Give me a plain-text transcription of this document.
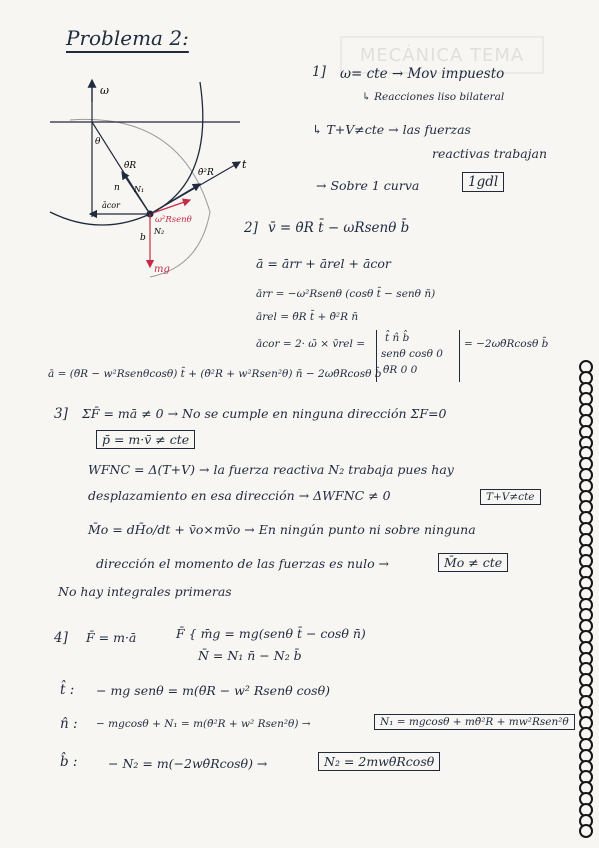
MECÁNICA TEMA
Problema 2:
ω
θ
t
θ̇²R
θ̇R
n N₁
ācor
ω²Rsenθ
N₂
b
mg
1] ω= cte → Mov impuesto
↳ Reacciones liso bilateral
↳ T+V≠cte → las fuerzas
reactivas trabajan
→ Sobre 1 curva	1gdl
2] v̄ = θ̇R t̄ − ωRsenθ b̄
ā = ārr + ārel + ācor
ārr = −ω²Rsenθ (cosθ t̄ − senθ n̄)
ārel = θ̈R t̄ + θ̇²R n̄
ācor = 2· ω̄ × v̄rel = t̂ n̂ b̂
senθ cosθ 0
θ̇R 0 0
= −2ωθ̇Rcosθ b̄
ā = (θ̈R − w²Rsenθcosθ) t̄ + (θ̇²R + w²Rsen²θ) n̄ − 2ωθ̇Rcosθ b̄
3] ΣF̄ = mā ≠ 0 → No se cumple en ninguna dirección ΣF=0
p̄ = m·v̄ ≠ cte
WFNC = Δ(T+V) → la fuerza reactiva N₂ trabaja pues hay
desplazamiento en esa dirección → ΔWFNC ≠ 0	T+V≠cte
M̄o = dH̄o/dt + v̄o×mv̄o → En ningún punto ni sobre ninguna
dirección el momento de las fuerzas es nulo →	M̄o ≠ cte
No hay integrales primeras
4] F̄ = m·ā	F̄ { m̄g = mg(senθ t̄ − cosθ n̄)
N̄ = N₁ n̄ − N₂ b̄
t̂ : − mg senθ = m(θ̈R − w² Rsenθ cosθ)
n̂ : − mgcosθ + N₁ = m(θ̇²R + w² Rsen²θ) →	N₁ = mgcosθ + mθ̇²R + mw²Rsen²θ
b̂ : − N₂ = m(−2wθ̇Rcosθ) →	N₂ = 2mwθ̇Rcosθ
